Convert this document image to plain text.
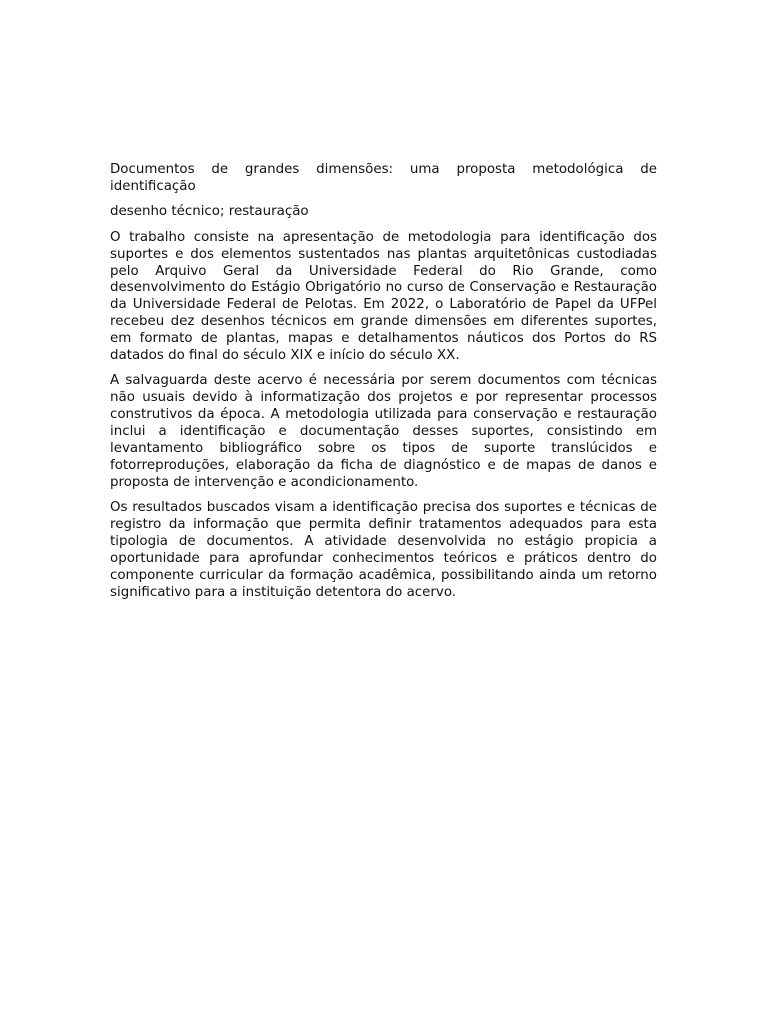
Documentos de grandes dimensões: uma proposta metodológica de identificação

desenho técnico; restauração

O trabalho consiste na apresentação de metodologia para identificação dos suportes e dos elementos sustentados nas plantas arquitetônicas custodiadas pelo Arquivo Geral da Universidade Federal do Rio Grande, como desenvolvimento do Estágio Obrigatório no curso de Conservação e Restauração da Universidade Federal de Pelotas. Em 2022, o Laboratório de Papel da UFPel recebeu dez desenhos técnicos em grande dimensões em diferentes suportes, em formato de plantas, mapas e detalhamentos náuticos dos Portos do RS datados do final do século XIX e início do século XX.

A salvaguarda deste acervo é necessária por serem documentos com técnicas não usuais devido à informatização dos projetos e por representar processos construtivos da época. A metodologia utilizada para conservação e restauração inclui a identificação e documentação desses suportes, consistindo em levantamento bibliográfico sobre os tipos de suporte translúcidos e fotorreproduções, elaboração da ficha de diagnóstico e de mapas de danos e proposta de intervenção e acondicionamento.

Os resultados buscados visam a identificação precisa dos suportes e técnicas de registro da informação que permita definir tratamentos adequados para esta tipologia de documentos. A atividade desenvolvida no estágio propicia a oportunidade para aprofundar conhecimentos teóricos e práticos dentro do componente curricular da formação acadêmica, possibilitando ainda um retorno significativo para a instituição detentora do acervo.
